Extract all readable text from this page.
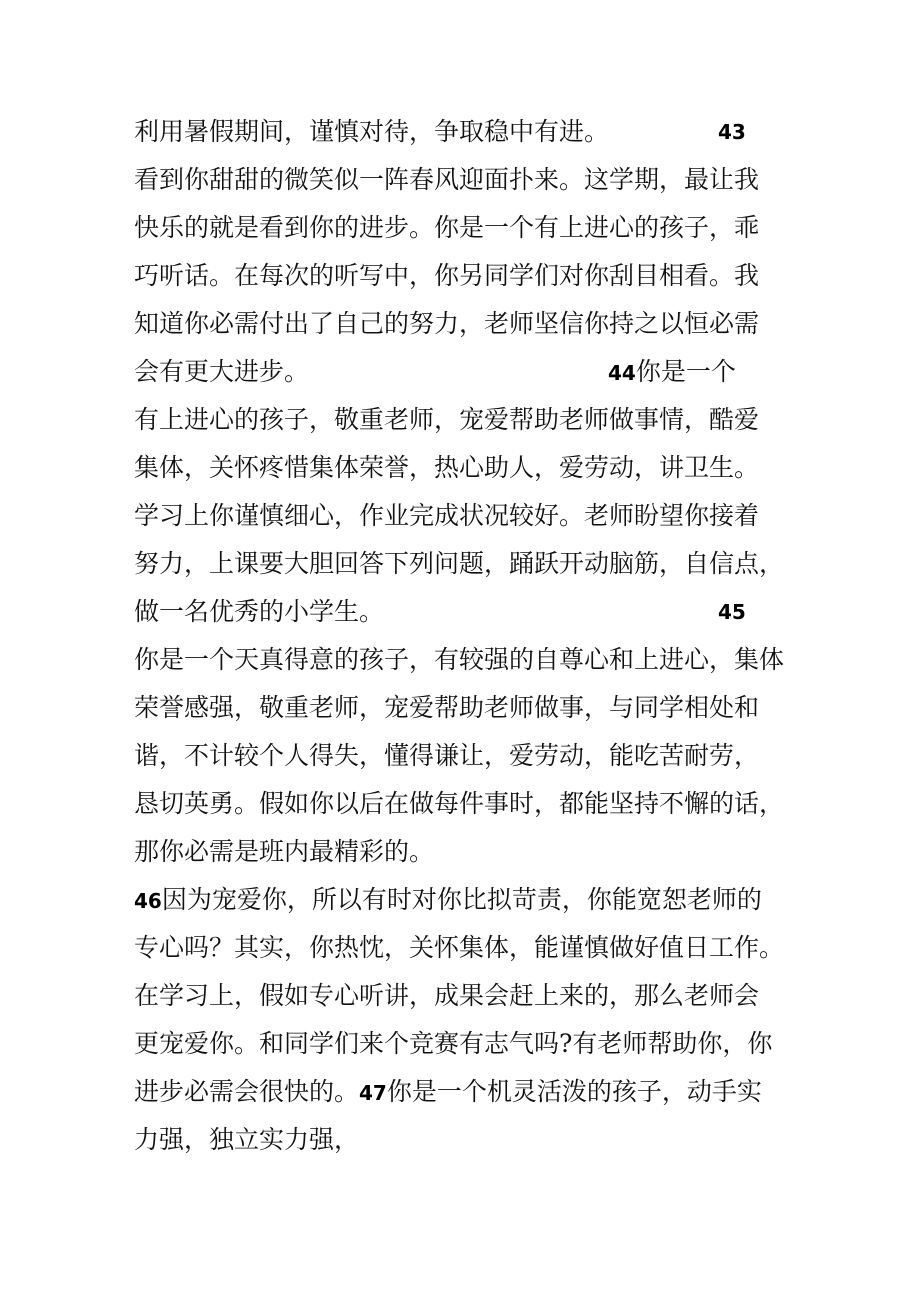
利用暑假期间，谨慎对待，争取稳中有进。	43
看到你甜甜的微笑似一阵春风迎面扑来。这学期，最让我
快乐的就是看到你的进步。你是一个有上进心的孩子，乖
巧听话。在每次的听写中，你另同学们对你刮目相看。我
知道你必需付出了自己的努力，老师坚信你持之以恒必需
会有更大进步。	44你是一个
有上进心的孩子，敬重老师，宠爱帮助老师做事情，酷爱
集体，关怀疼惜集体荣誉，热心助人，爱劳动，讲卫生。
学习上你谨慎细心，作业完成状况较好。老师盼望你接着
努力，上课要大胆回答下列问题，踊跃开动脑筋，自信点，
做一名优秀的小学生。	45
你是一个天真得意的孩子，有较强的自尊心和上进心，集体
荣誉感强，敬重老师，宠爱帮助老师做事，与同学相处和
谐，不计较个人得失，懂得谦让，爱劳动，能吃苦耐劳，
恳切英勇。假如你以后在做每件事时，都能坚持不懈的话，
那你必需是班内最精彩的。
46因为宠爱你，所以有时对你比拟苛责，你能宽恕老师的
专心吗？其实，你热忱，关怀集体，能谨慎做好值日工作。
在学习上，假如专心听讲，成果会赶上来的，那么老师会
更宠爱你。和同学们来个竞赛有志气吗?有老师帮助你，你
进步必需会很快的。47你是一个机灵活泼的孩子，动手实
力强，独立实力强，
